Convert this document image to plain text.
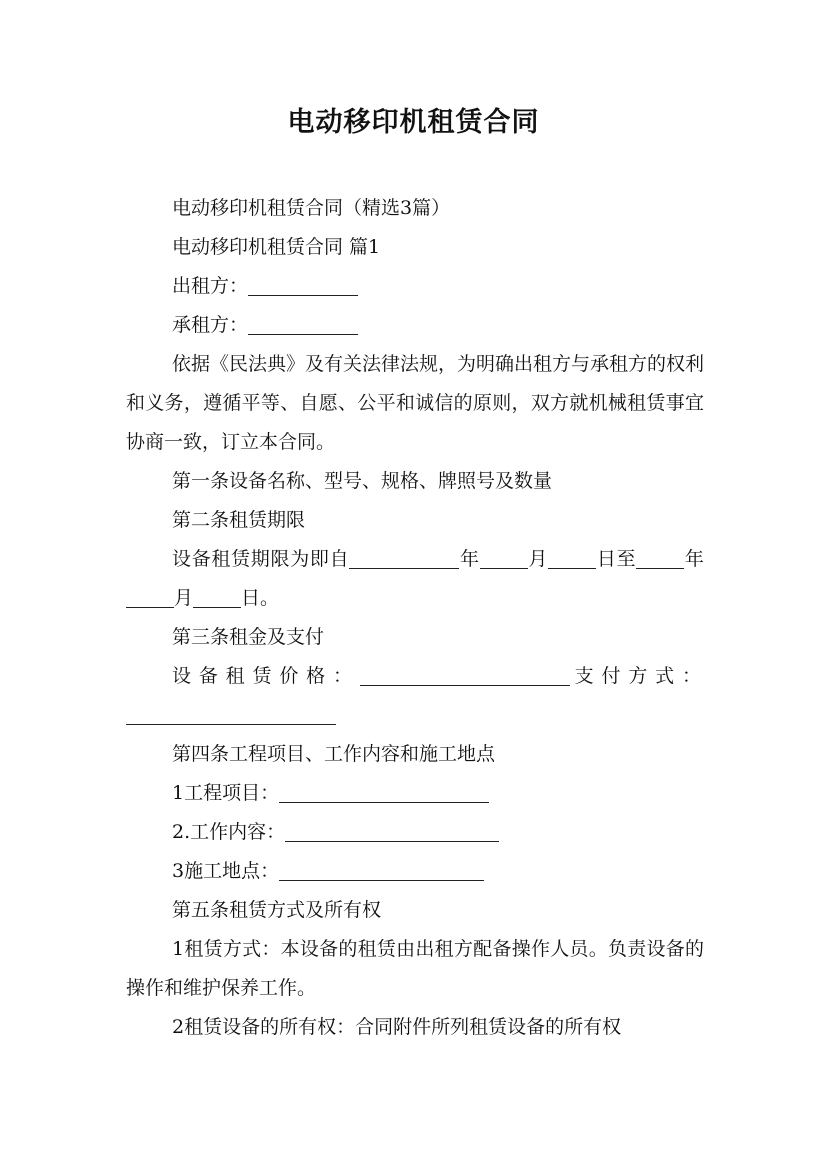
电动移印机租赁合同

电动移印机租赁合同（精选3篇）

电动移印机租赁合同 篇1

出租方：

承租方：

依据《民法典》及有关法律法规，为明确出租方与承租方的权利和义务，遵循平等、自愿、公平和诚信的原则，双方就机械租赁事宜协商一致，订立本合同。

第一条设备名称、型号、规格、牌照号及数量

第二条租赁期限

设备租赁期限为即自	年	月	日至	年月	日。

第三条租金及支付

设备租赁价格：	支付方式：

第四条工程项目、工作内容和施工地点

1工程项目：

2.工作内容：

3施工地点：

第五条租赁方式及所有权

1租赁方式：本设备的租赁由出租方配备操作人员。负责设备的操作和维护保养工作。

2租赁设备的所有权：合同附件所列租赁设备的所有权
